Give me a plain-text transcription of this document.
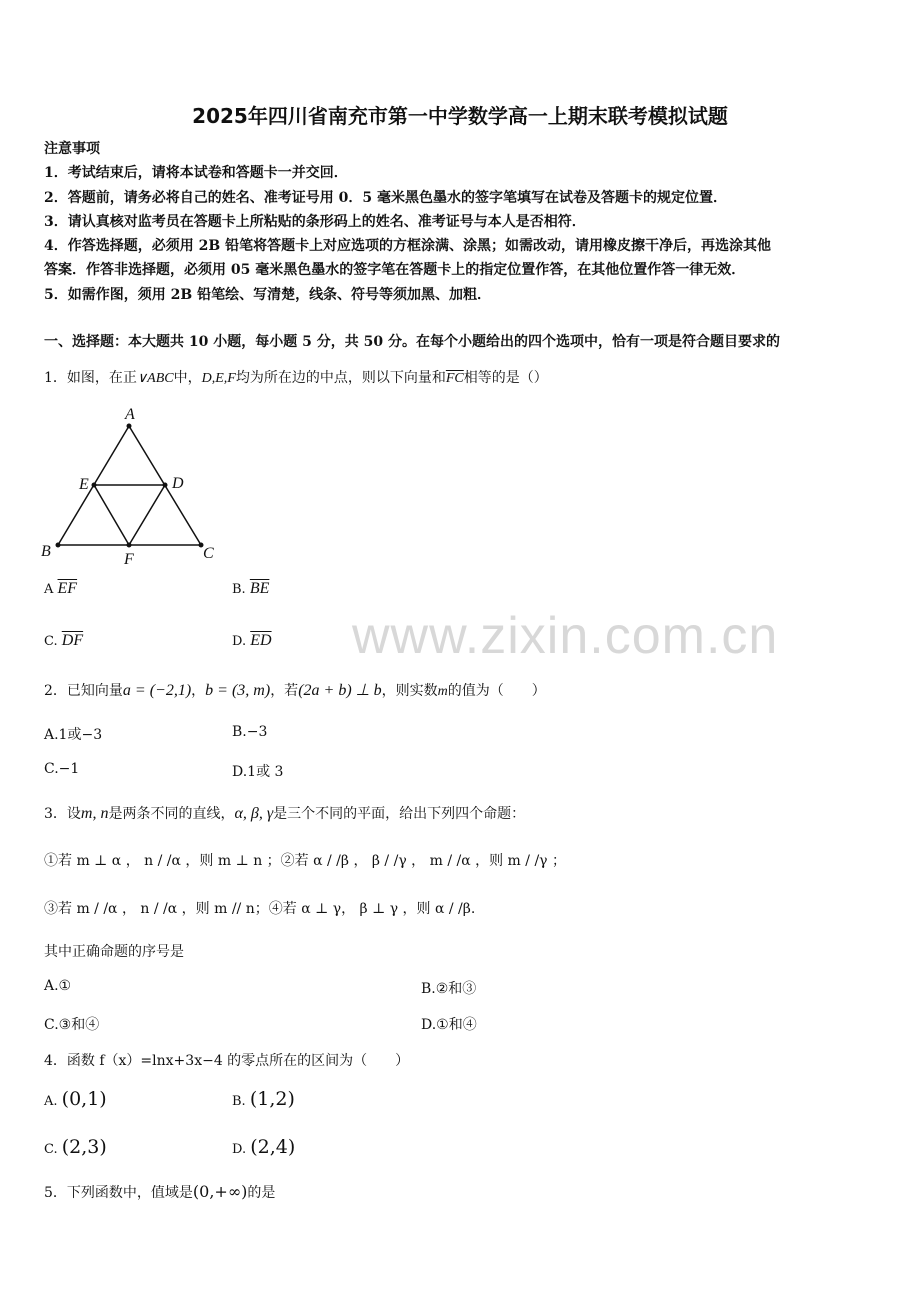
2025年四川省南充市第一中学数学高一上期末联考模拟试题
注意事项
1．考试结束后，请将本试卷和答题卡一并交回．
2．答题前，请务必将自己的姓名、准考证号用 0．5 毫米黑色墨水的签字笔填写在试卷及答题卡的规定位置．
3．请认真核对监考员在答题卡上所粘贴的条形码上的姓名、准考证号与本人是否相符．
4．作答选择题，必须用 2B 铅笔将答题卡上对应选项的方框涂满、涂黑；如需改动，请用橡皮擦干净后，再选涂其他
答案．作答非选择题，必须用 05 毫米黑色墨水的签字笔在答题卡上的指定位置作答，在其他位置作答一律无效．
5．如需作图，须用 2B 铅笔绘、写清楚，线条、符号等须加黑、加粗．
一、选择题：本大题共 10 小题，每小题 5 分，共 50 分。在每个小题给出的四个选项中，恰有一项是符合题目要求的
1．如图，在正∨ABC中，D,E,F均为所在边的中点，则以下向量和$\overline{FC}$相等的是（）
A
B	C
D
E
F
A $\overline{EF}$	B. $\overline{BE}$
C. $\overline{DF}$	D. $\overline{ED}$ www.zixin.com.cn
2．已知向量a = (−2,1)，b = (3, m)，若(2a + b) ⊥ b，则实数m的值为（　　）
A.1或−3	B.−3
C.−1	D.1或 3
3．设m, n是两条不同的直线，α, β, γ是三个不同的平面，给出下列四个命题：
①若 m ⊥ α ， n / /α ，则 m ⊥ n ；②若 α / /β ， β / /γ ， m / /α ，则 m / /γ ；
③若 m / /α ， n / /α ，则 m // n；④若 α ⊥ γ， β ⊥ γ ，则 α / /β.
其中正确命题的序号是
A.①	B.②和③
C.③和④	D.①和④
4．函数 f（x）=lnx+3x−4 的零点所在的区间为（　　）
A. (0,1)	B. (1,2)
C. (2,3)	D. (2,4)
5．下列函数中，值域是(0,+∞)的是
